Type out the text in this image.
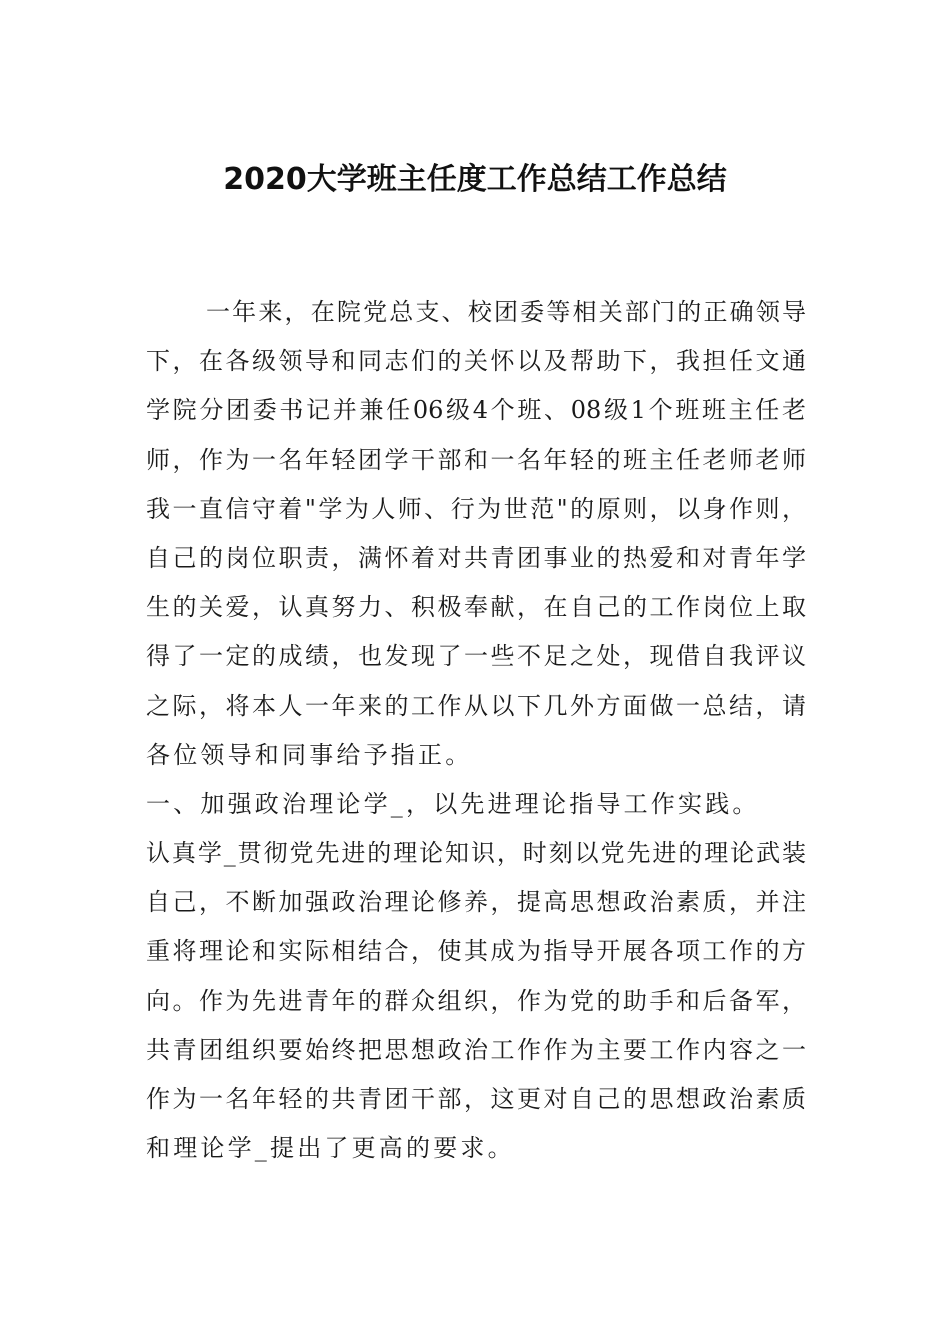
2020大学班主任度工作总结工作总结
一年来，在院党总支、校团委等相关部门的正确领导
下，在各级领导和同志们的关怀以及帮助下，我担任文通
学院分团委书记并兼任06级4个班、08级1个班班主任老
师，作为一名年轻团学干部和一名年轻的班主任老师老师
我一直信守着"学为人师、行为世范"的原则，以身作则，
自己的岗位职责，满怀着对共青团事业的热爱和对青年学
生的关爱，认真努力、积极奉献，在自己的工作岗位上取
得了一定的成绩，也发现了一些不足之处，现借自我评议
之际，将本人一年来的工作从以下几外方面做一总结，请
各位领导和同事给予指正。
一、加强政治理论学_，以先进理论指导工作实践。
认真学_贯彻党先进的理论知识，时刻以党先进的理论武装
自己，不断加强政治理论修养，提高思想政治素质，并注
重将理论和实际相结合，使其成为指导开展各项工作的方
向。作为先进青年的群众组织，作为党的助手和后备军，
共青团组织要始终把思想政治工作作为主要工作内容之一
作为一名年轻的共青团干部，这更对自己的思想政治素质
和理论学_提出了更高的要求。
